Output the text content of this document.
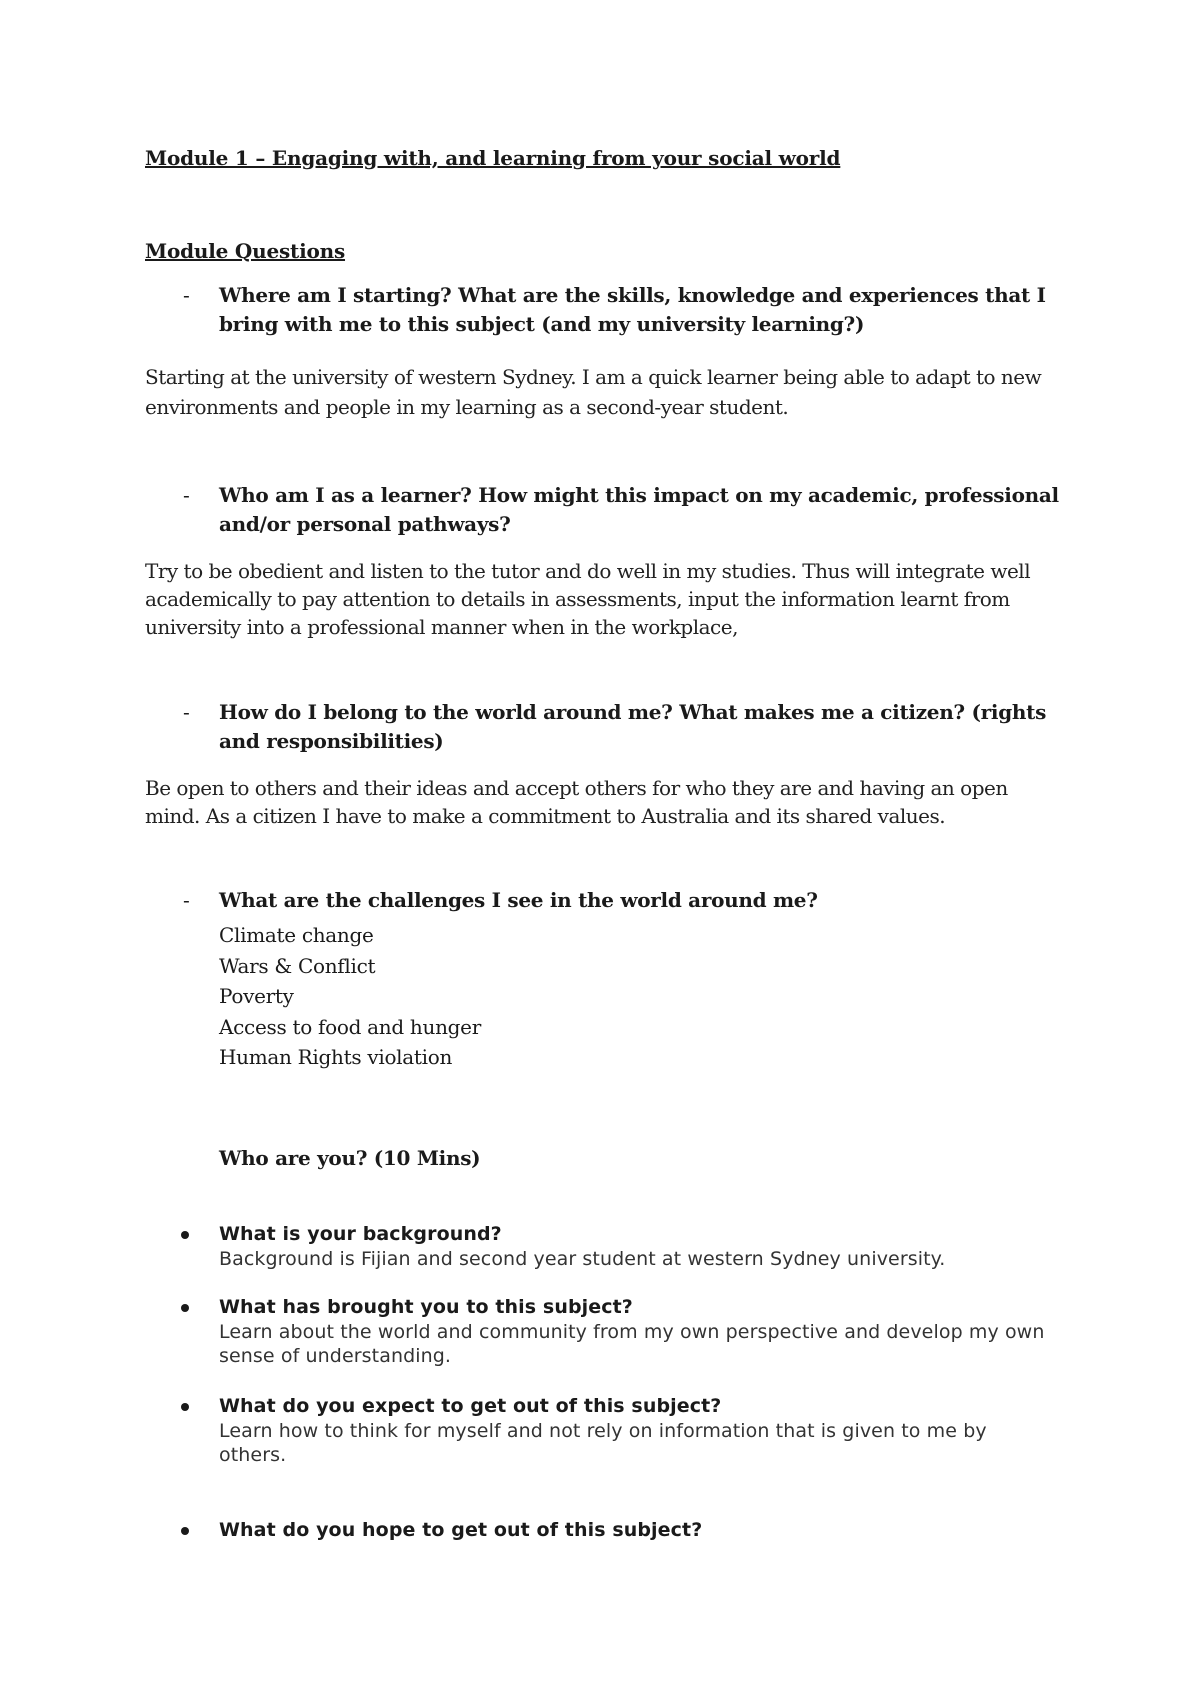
Module 1 – Engaging with, and learning from your social world
Module Questions
- Where am I starting? What are the skills, knowledge and experiences that I bring with me to this subject (and my university learning?)
Starting at the university of western Sydney. I am a quick learner being able to adapt to new environments and people in my learning as a second-year student.
- Who am I as a learner? How might this impact on my academic, professional and/or personal pathways?
Try to be obedient and listen to the tutor and do well in my studies. Thus will integrate well academically to pay attention to details in assessments, input the information learnt from university into a professional manner when in the workplace,
- How do I belong to the world around me? What makes me a citizen? (rights and responsibilities)
Be open to others and their ideas and accept others for who they are and having an open mind. As a citizen I have to make a commitment to Australia and its shared values.
- What are the challenges I see in the world around me?
Climate change
Wars & Conflict
Poverty
Access to food and hunger
Human Rights violation
Who are you? (10 Mins)
What is your background?
Background is Fijian and second year student at western Sydney university.
What has brought you to this subject?
Learn about the world and community from my own perspective and develop my own sense of understanding.
What do you expect to get out of this subject?
Learn how to think for myself and not rely on information that is given to me by others.
What do you hope to get out of this subject?
